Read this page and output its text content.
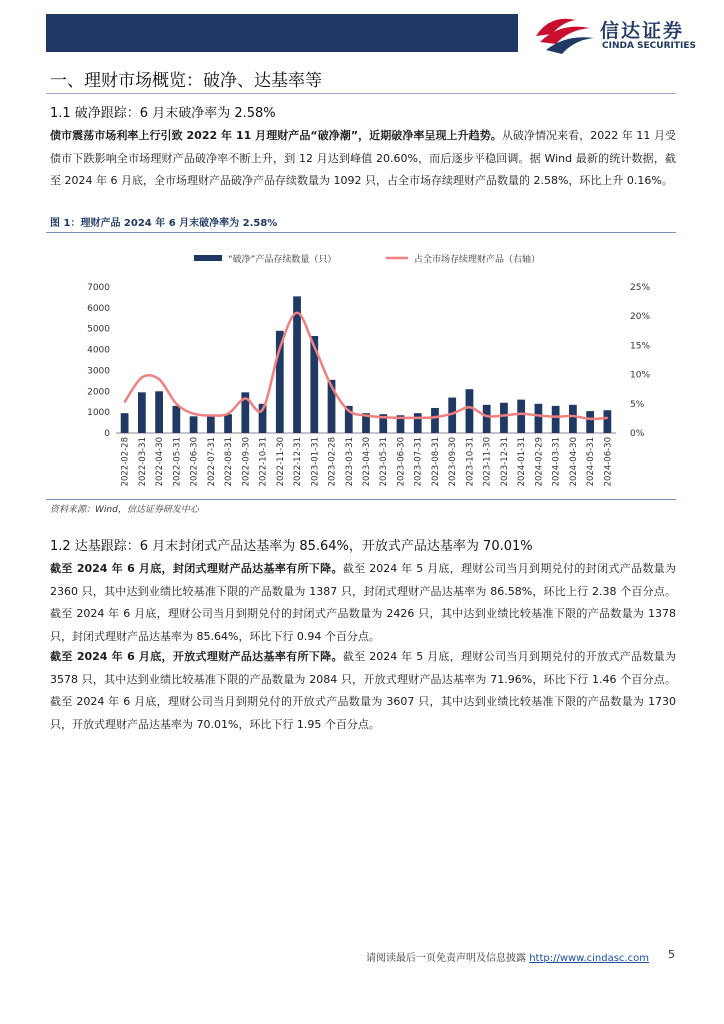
信达证券
CINDA SECURITIES
一、理财市场概览：破净、达基率等
1.1 破净跟踪：6 月末破净率为 2.58%
债市震荡市场利率上行引致 2022 年 11 月理财产品“破净潮”，近期破净率呈现上升趋势。从破净情况来看，2022 年 11 月受债市下跌影响全市场理财产品破净率不断上升，到 12 月达到峰值 20.60%，而后逐步平稳回调。据 Wind 最新的统计数据，截至 2024 年 6 月底，全市场理财产品破净产品存续数量为 1092 只，占全市场存续理财产品数量的 2.58%，环比上升 0.16%。
图 1：理财产品 2024 年 6 月末破净率为 2.58%
“破净”产品存续数量（只）	占全市场存续理财产品（右轴）
0
1000
2000
3000
4000
5000
6000
7000
0%
5%
10%
15%
20%
25%
2022-02-28 2022-03-31 2022-04-30 2022-05-31 2022-06-30 2022-07-31 2022-08-31 2022-09-30 2022-10-31 2022-11-30 2022-12-31 2023-01-31 2023-02-28 2023-03-31 2023-04-30 2023-05-31 2023-06-30 2023-07-31 2023-08-31 2023-09-30 2023-10-31 2023-11-30 2023-12-31 2024-01-31 2024-02-29 2024-03-31 2024-04-30 2024-05-31 2024-06-30
资料来源：Wind，信达证券研发中心
1.2 达基跟踪：6 月末封闭式产品达基率为 85.64%，开放式产品达基率为 70.01%
截至 2024 年 6 月底，封闭式理财产品达基率有所下降。截至 2024 年 5 月底，理财公司当月到期兑付的封闭式产品数量为 2360 只，其中达到业绩比较基准下限的产品数量为 1387 只，封闭式理财产品达基率为 86.58%，环比上行 2.38 个百分点。截至 2024 年 6 月底，理财公司当月到期兑付的封闭式产品数量为 2426 只，其中达到业绩比较基准下限的产品数量为 1378 只，封闭式理财产品达基率为 85.64%，环比下行 0.94 个百分点。
截至 2024 年 6 月底，开放式理财产品达基率有所下降。截至 2024 年 5 月底，理财公司当月到期兑付的开放式产品数量为 3578 只，其中达到业绩比较基准下限的产品数量为 2084 只，开放式理财产品达基率为 71.96%，环比下行 1.46 个百分点。截至 2024 年 6 月底，理财公司当月到期兑付的开放式产品数量为 3607 只，其中达到业绩比较基准下限的产品数量为 1730 只，开放式理财产品达基率为 70.01%，环比下行 1.95 个百分点。
请阅读最后一页免责声明及信息披露 http://www.cindasc.com 5
